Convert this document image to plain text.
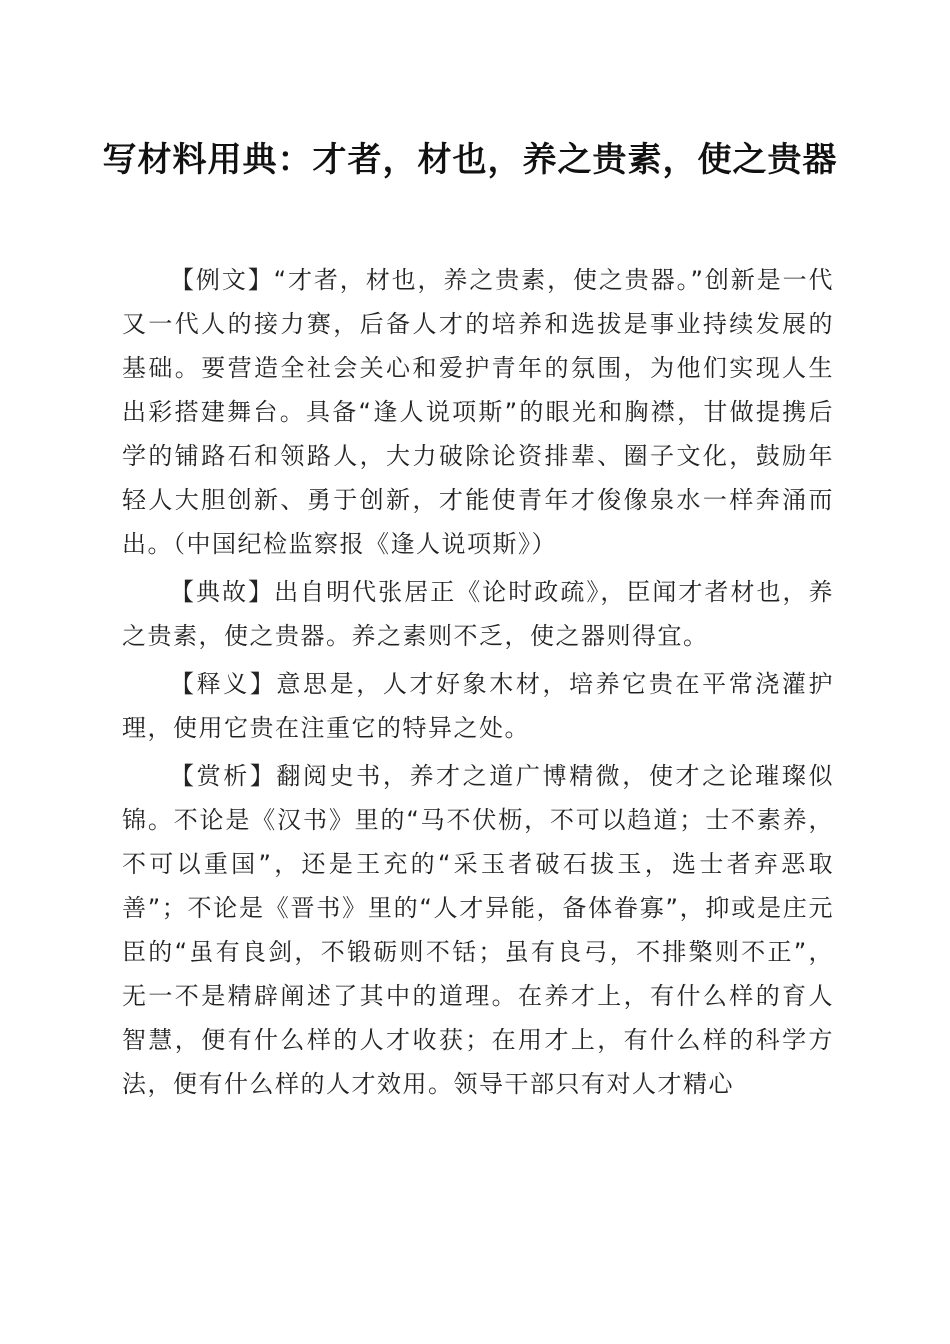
写材料用典：才者，材也，养之贵素，使之贵器

【例文】“才者，材也，养之贵素，使之贵器。”创新是一代又一代人的接力赛，后备人才的培养和选拔是事业持续发展的基础。要营造全社会关心和爱护青年的氛围，为他们实现人生出彩搭建舞台。具备“逢人说项斯”的眼光和胸襟，甘做提携后学的铺路石和领路人，大力破除论资排辈、圈子文化，鼓励年轻人大胆创新、勇于创新，才能使青年才俊像泉水一样奔涌而出。（中国纪检监察报《逢人说项斯》）

【典故】出自明代张居正《论时政疏》，臣闻才者材也，养之贵素，使之贵器。养之素则不乏，使之器则得宜。

【释义】意思是，人才好象木材，培养它贵在平常浇灌护理，使用它贵在注重它的特异之处。

【赏析】翻阅史书，养才之道广博精微，使才之论璀璨似锦。不论是《汉书》里的“马不伏枥，不可以趋道；士不素养，不可以重国”，还是王充的“采玉者破石拔玉，选士者弃恶取善”；不论是《晋书》里的“人才异能，备体眷寡”，抑或是庄元臣的“虽有良剑，不锻砺则不铦；虽有良弓，不排檠则不正”，无一不是精辟阐述了其中的道理。在养才上，有什么样的育人智慧，便有什么样的人才收获；在用才上，有什么样的科学方法，便有什么样的人才效用。领导干部只有对人才精心
